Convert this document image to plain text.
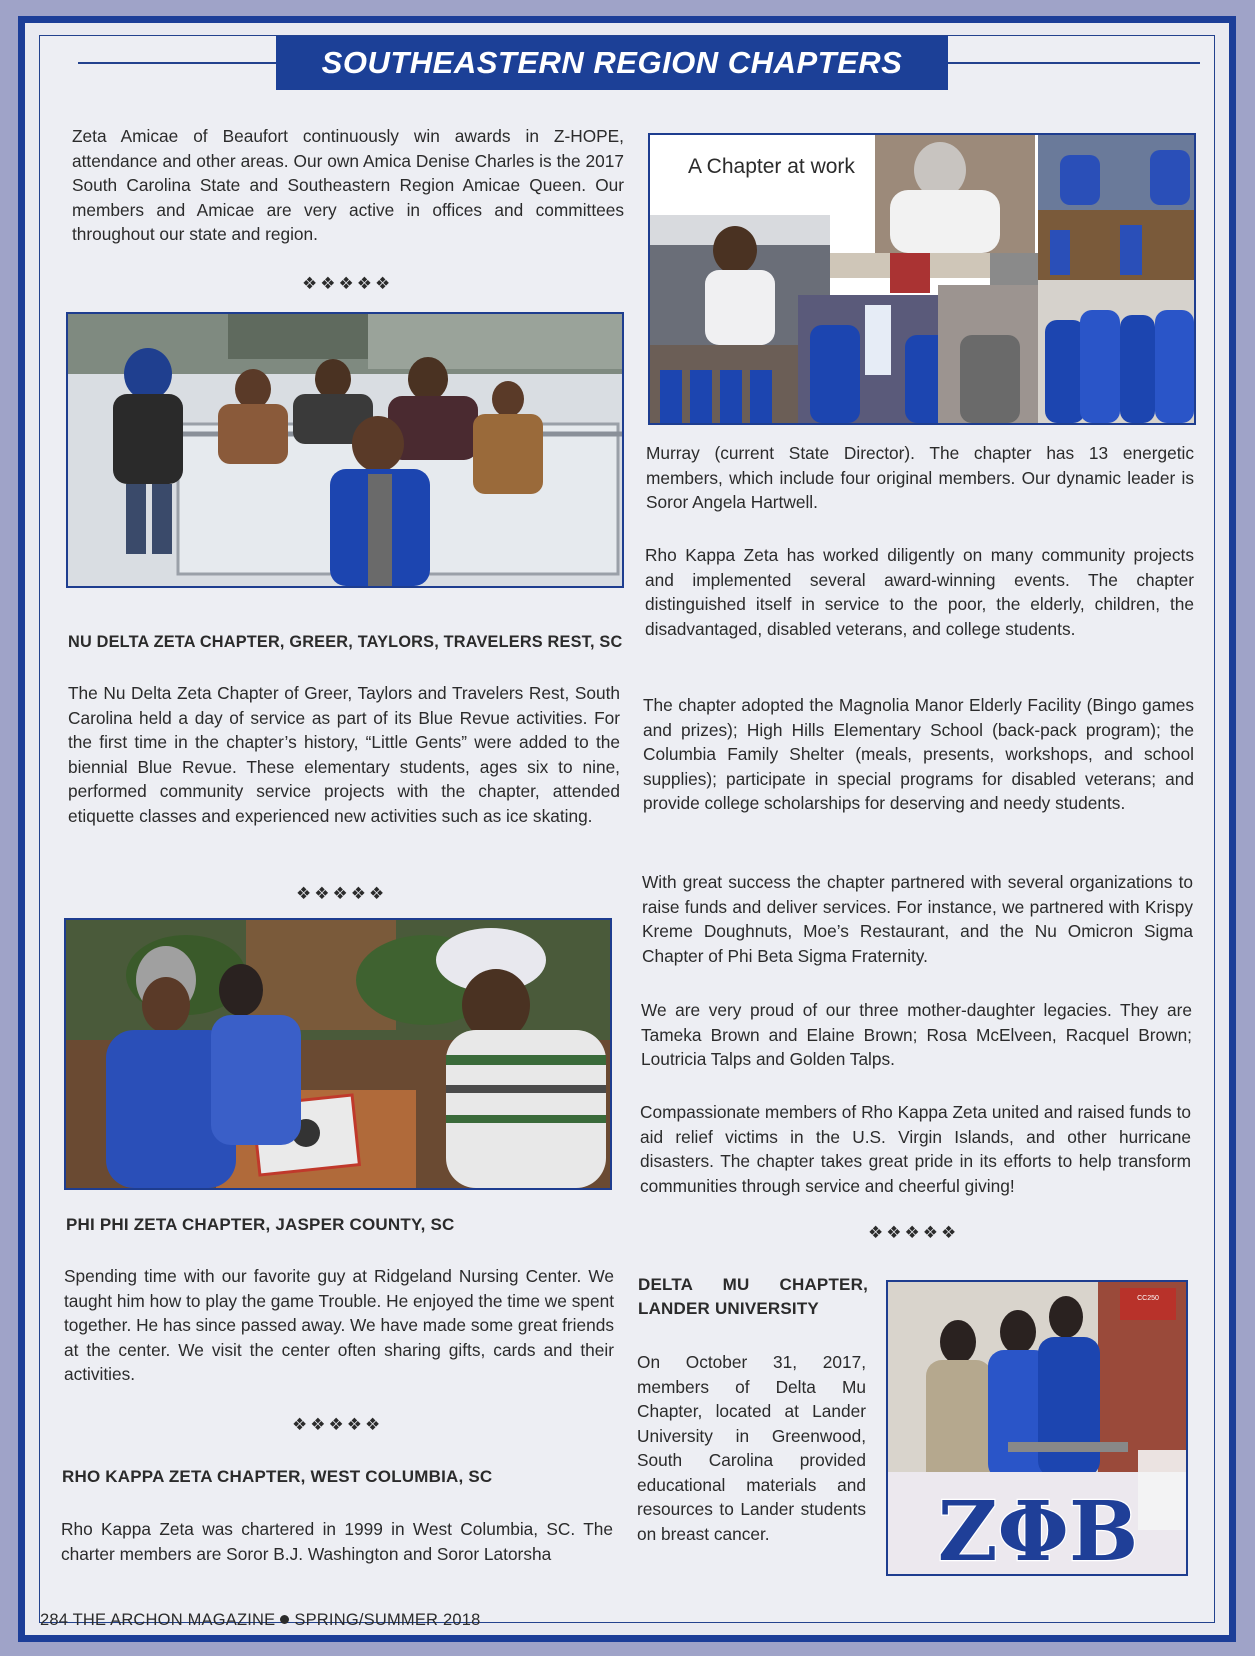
SOUTHEASTERN REGION CHAPTERS

Zeta Amicae of Beaufort continuously win awards in Z-HOPE, attendance and other areas. Our own Amica Denise Charles is the 2017 South Carolina State and Southeastern Region Amicae Queen. Our members and Amicae are very active in offices and committees throughout our state and region.

❖❖❖❖❖

NU DELTA ZETA CHAPTER, GREER, TAYLORS, TRAVELERS REST, SC

The Nu Delta Zeta Chapter of Greer, Taylors and Travelers Rest, South Carolina held a day of service as part of its Blue Revue activities. For the first time in the chapter’s history, “Little Gents” were added to the biennial Blue Revue. These elementary students, ages six to nine, performed community service projects with the chapter, attended etiquette classes and experienced new activities such as ice skating.

❖❖❖❖❖

PHI PHI ZETA CHAPTER, JASPER COUNTY, SC

Spending time with our favorite guy at Ridgeland Nursing Center. We taught him how to play the game Trouble. He enjoyed the time we spent together. He has since passed away. We have made some great friends at the center. We visit the center often sharing gifts, cards and their activities.

❖❖❖❖❖

RHO KAPPA ZETA CHAPTER, WEST COLUMBIA, SC

Rho Kappa Zeta was chartered in 1999 in West Columbia, SC. The charter members are Soror B.J. Washington and Soror Latorsha

A Chapter at work

Murray (current State Director). The chapter has 13 energetic members, which include four original members. Our dynamic leader is Soror Angela Hartwell.

Rho Kappa Zeta has worked diligently on many community projects and implemented several award-winning events. The chapter distinguished itself in service to the poor, the elderly, children, the disadvantaged, disabled veterans, and college students.

The chapter adopted the Magnolia Manor Elderly Facility (Bingo games and prizes); High Hills Elementary School (back-pack program); the Columbia Family Shelter (meals, presents, workshops, and school supplies); participate in special programs for disabled veterans; and provide college scholarships for deserving and needy students.

With great success the chapter partnered with several organizations to raise funds and deliver services. For instance, we partnered with Krispy Kreme Doughnuts, Moe’s Restaurant, and the Nu Omicron Sigma Chapter of Phi Beta Sigma Fraternity.

We are very proud of our three mother-daughter legacies. They are Tameka Brown and Elaine Brown; Rosa McElveen, Racquel Brown; Loutricia Talps and Golden Talps.

Compassionate members of Rho Kappa Zeta united and raised funds to aid relief victims in the U.S. Virgin Islands, and other hurricane disasters. The chapter takes great pride in its efforts to help transform communities through service and cheerful giving!

❖❖❖❖❖

DELTA MU CHAPTER, LANDER UNIVERSITY

On October 31, 2017, members of Delta Mu Chapter, located at Lander University in Greenwood, South Carolina provided educational materials and resources to Lander students on breast cancer.

CC250
ΖΦΒ
284 THE ARCHON MAGAZINE SPRING/SUMMER 2018
